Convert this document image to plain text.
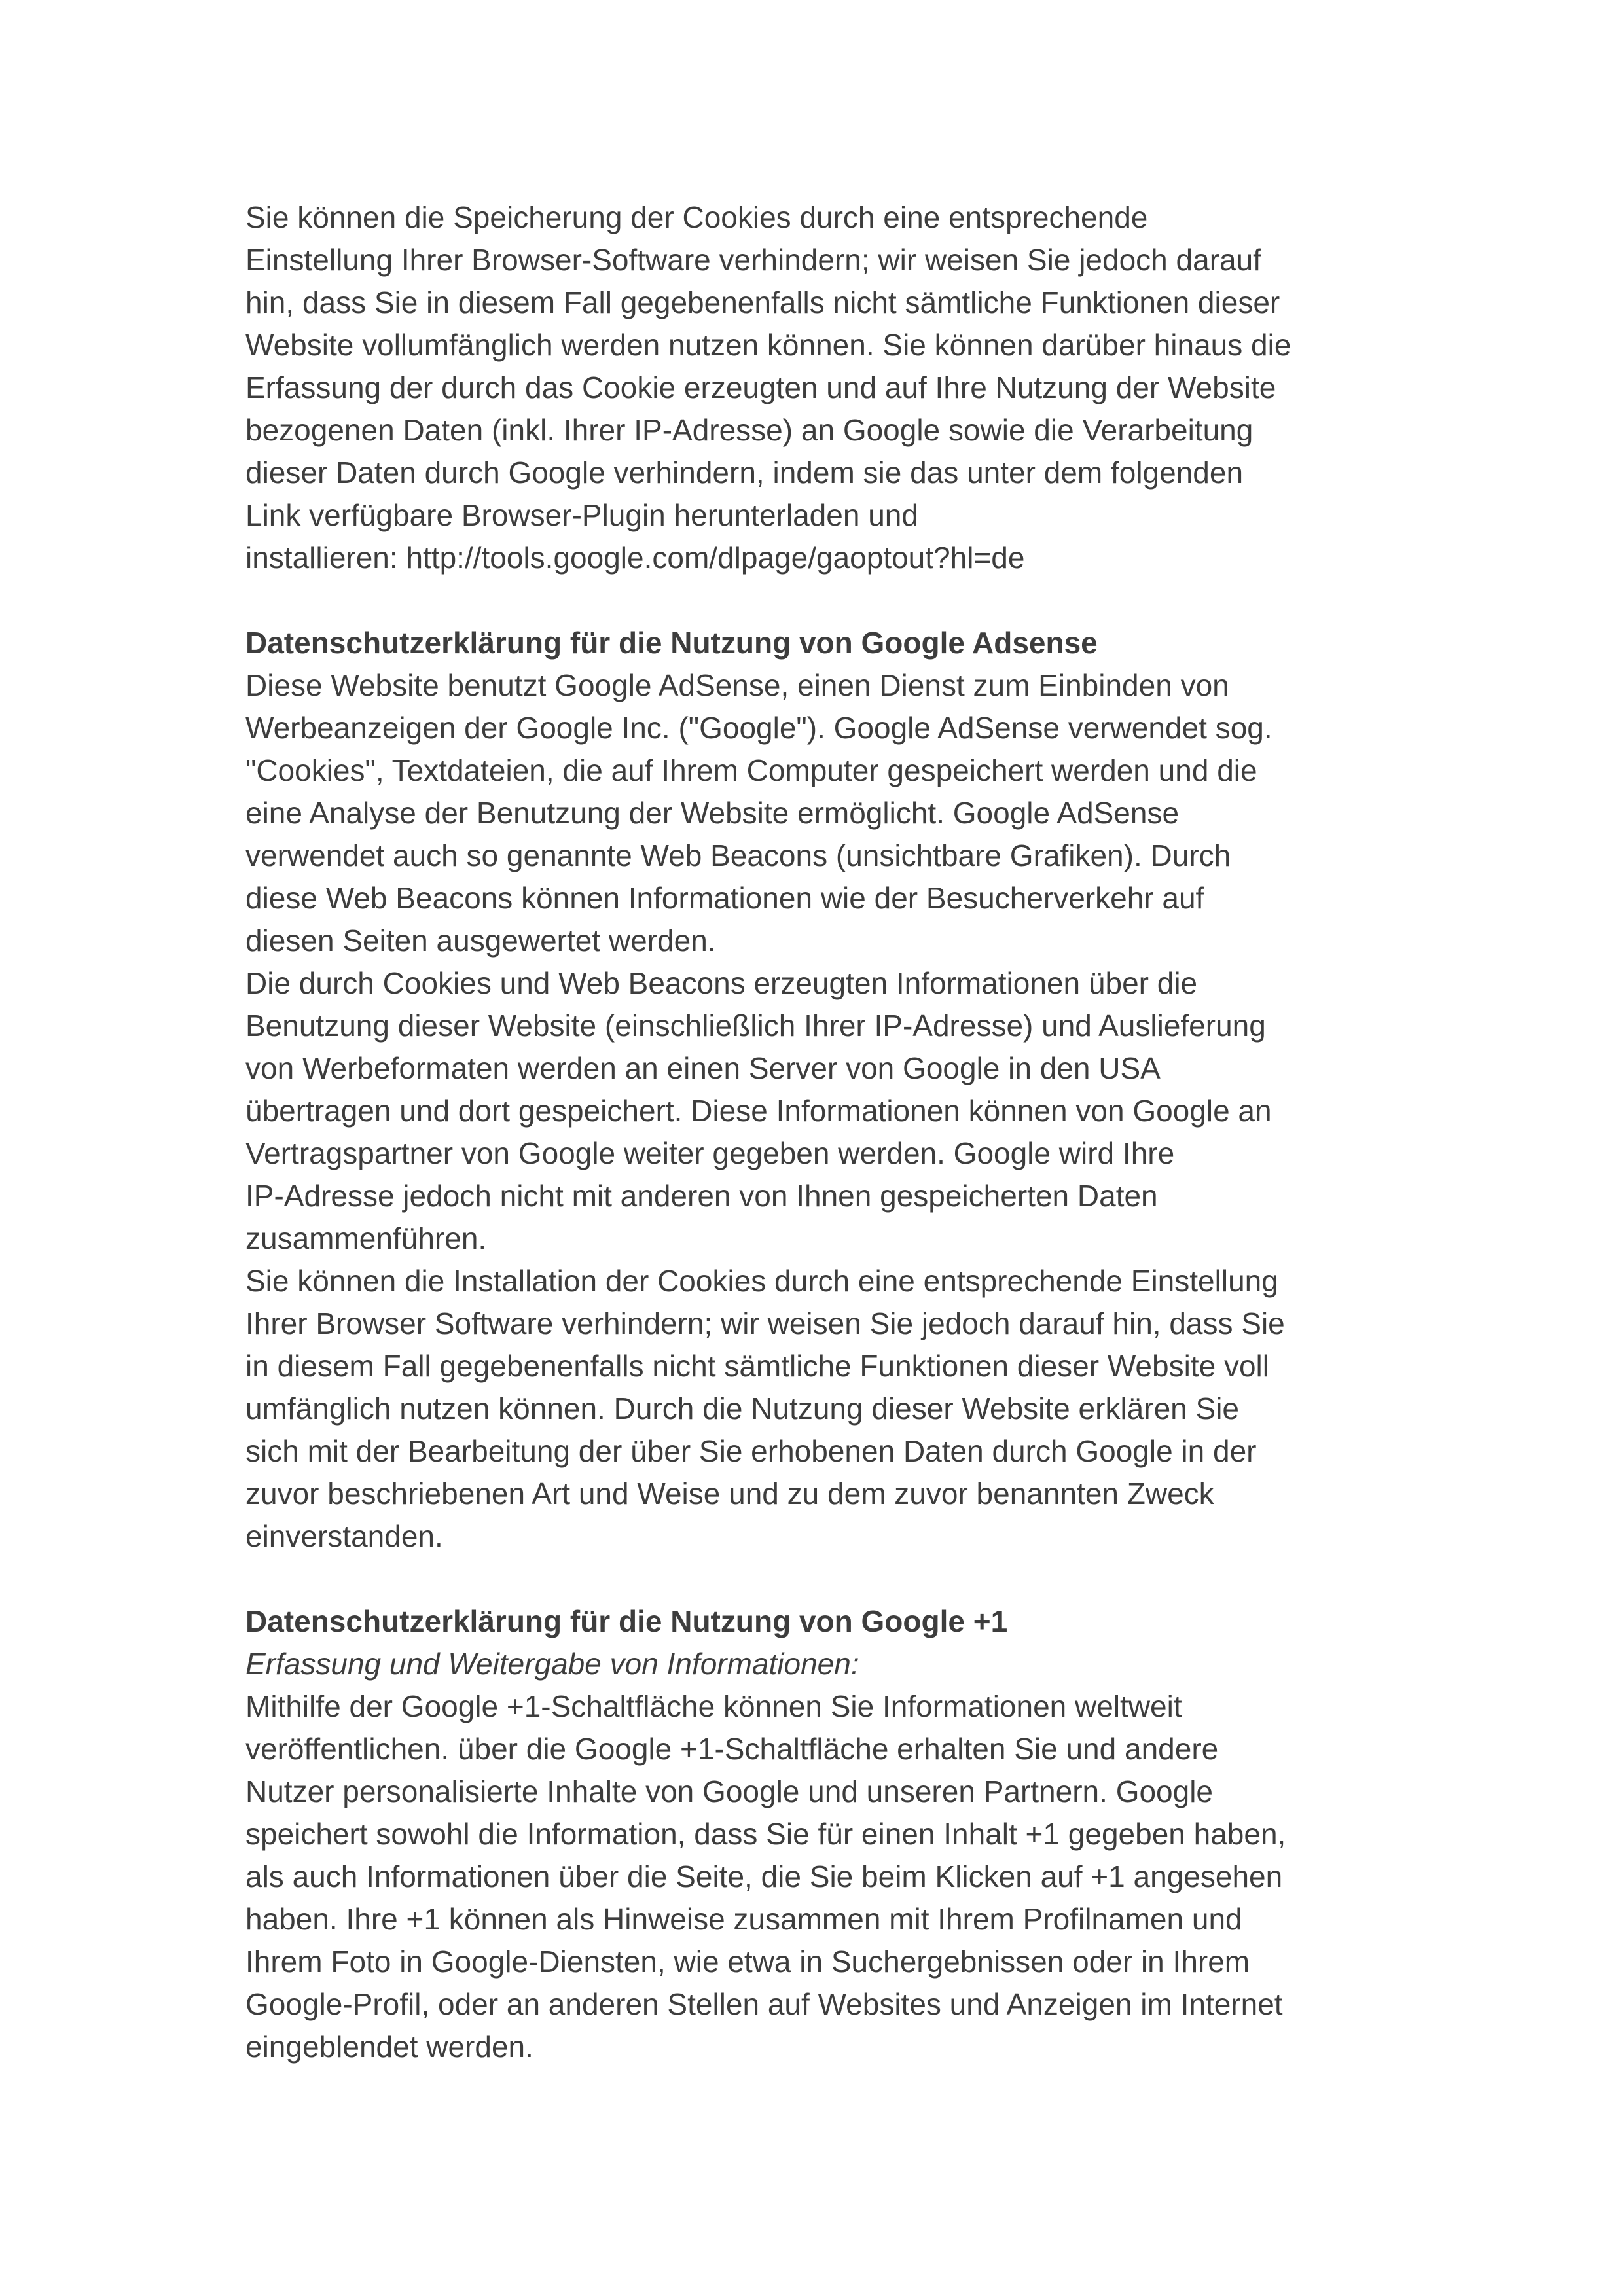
Sie können die Speicherung der Cookies durch eine entsprechende
Einstellung Ihrer Browser-Software verhindern; wir weisen Sie jedoch darauf
hin, dass Sie in diesem Fall gegebenenfalls nicht sämtliche Funktionen dieser
Website vollumfänglich werden nutzen können. Sie können darüber hinaus die
Erfassung der durch das Cookie erzeugten und auf Ihre Nutzung der Website
bezogenen Daten (inkl. Ihrer IP-Adresse) an Google sowie die Verarbeitung
dieser Daten durch Google verhindern, indem sie das unter dem folgenden
Link verfügbare Browser-Plugin herunterladen und
installieren: http://tools.google.com/dlpage/gaoptout?hl=de
Datenschutzerklärung für die Nutzung von Google Adsense
Diese Website benutzt Google AdSense, einen Dienst zum Einbinden von
Werbeanzeigen der Google Inc. ("Google"). Google AdSense verwendet sog.
"Cookies", Textdateien, die auf Ihrem Computer gespeichert werden und die
eine Analyse der Benutzung der Website ermöglicht. Google AdSense
verwendet auch so genannte Web Beacons (unsichtbare Grafiken). Durch
diese Web Beacons können Informationen wie der Besucherverkehr auf
diesen Seiten ausgewertet werden.
Die durch Cookies und Web Beacons erzeugten Informationen über die
Benutzung dieser Website (einschließlich Ihrer IP-Adresse) und Auslieferung
von Werbeformaten werden an einen Server von Google in den USA
übertragen und dort gespeichert. Diese Informationen können von Google an
Vertragspartner von Google weiter gegeben werden. Google wird Ihre
IP-Adresse jedoch nicht mit anderen von Ihnen gespeicherten Daten
zusammenführen.
Sie können die Installation der Cookies durch eine entsprechende Einstellung
Ihrer Browser Software verhindern; wir weisen Sie jedoch darauf hin, dass Sie
in diesem Fall gegebenenfalls nicht sämtliche Funktionen dieser Website voll
umfänglich nutzen können. Durch die Nutzung dieser Website erklären Sie
sich mit der Bearbeitung der über Sie erhobenen Daten durch Google in der
zuvor beschriebenen Art und Weise und zu dem zuvor benannten Zweck
einverstanden.
Datenschutzerklärung für die Nutzung von Google +1
Erfassung und Weitergabe von Informationen:
Mithilfe der Google +1-Schaltfläche können Sie Informationen weltweit
veröffentlichen. über die Google +1-Schaltfläche erhalten Sie und andere
Nutzer personalisierte Inhalte von Google und unseren Partnern. Google
speichert sowohl die Information, dass Sie für einen Inhalt +1 gegeben haben,
als auch Informationen über die Seite, die Sie beim Klicken auf +1 angesehen
haben. Ihre +1 können als Hinweise zusammen mit Ihrem Profilnamen und
Ihrem Foto in Google-Diensten, wie etwa in Suchergebnissen oder in Ihrem
Google-Profil, oder an anderen Stellen auf Websites und Anzeigen im Internet
eingeblendet werden.
